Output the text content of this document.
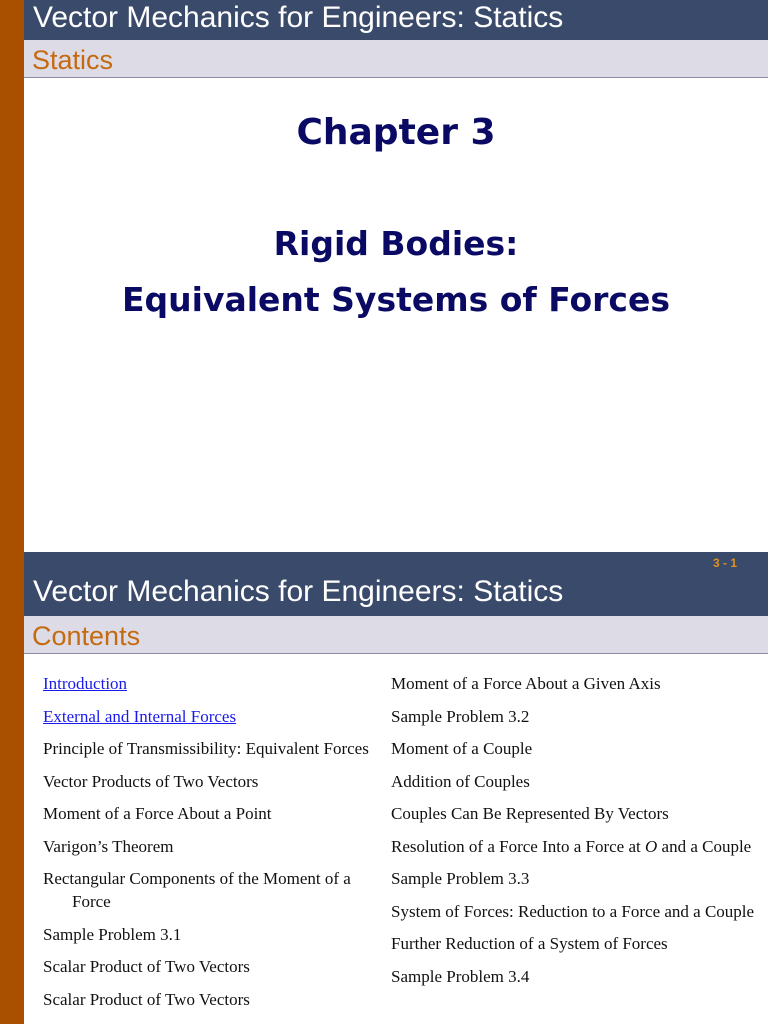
Vector Mechanics for Engineers: Statics
Statics
Chapter 3
Rigid Bodies:
Equivalent Systems of Forces
3 - 1
Vector Mechanics for Engineers: Statics
Contents
Introduction
External and Internal Forces
Principle of Transmissibility: Equivalent Forces
Vector Products of Two Vectors
Moment of a Force About a Point
Varigon’s Theorem
Rectangular Components of the Moment of a Force
Sample Problem 3.1
Scalar Product of Two Vectors
Scalar Product of Two Vectors
Moment of a Force About a Given Axis
Sample Problem 3.2
Moment of a Couple
Addition of Couples
Couples Can Be Represented By Vectors
Resolution of a Force Into a Force at O and a Couple
Sample Problem 3.3
System of Forces: Reduction to a Force and a Couple
Further Reduction of a System of Forces
Sample Problem 3.4
